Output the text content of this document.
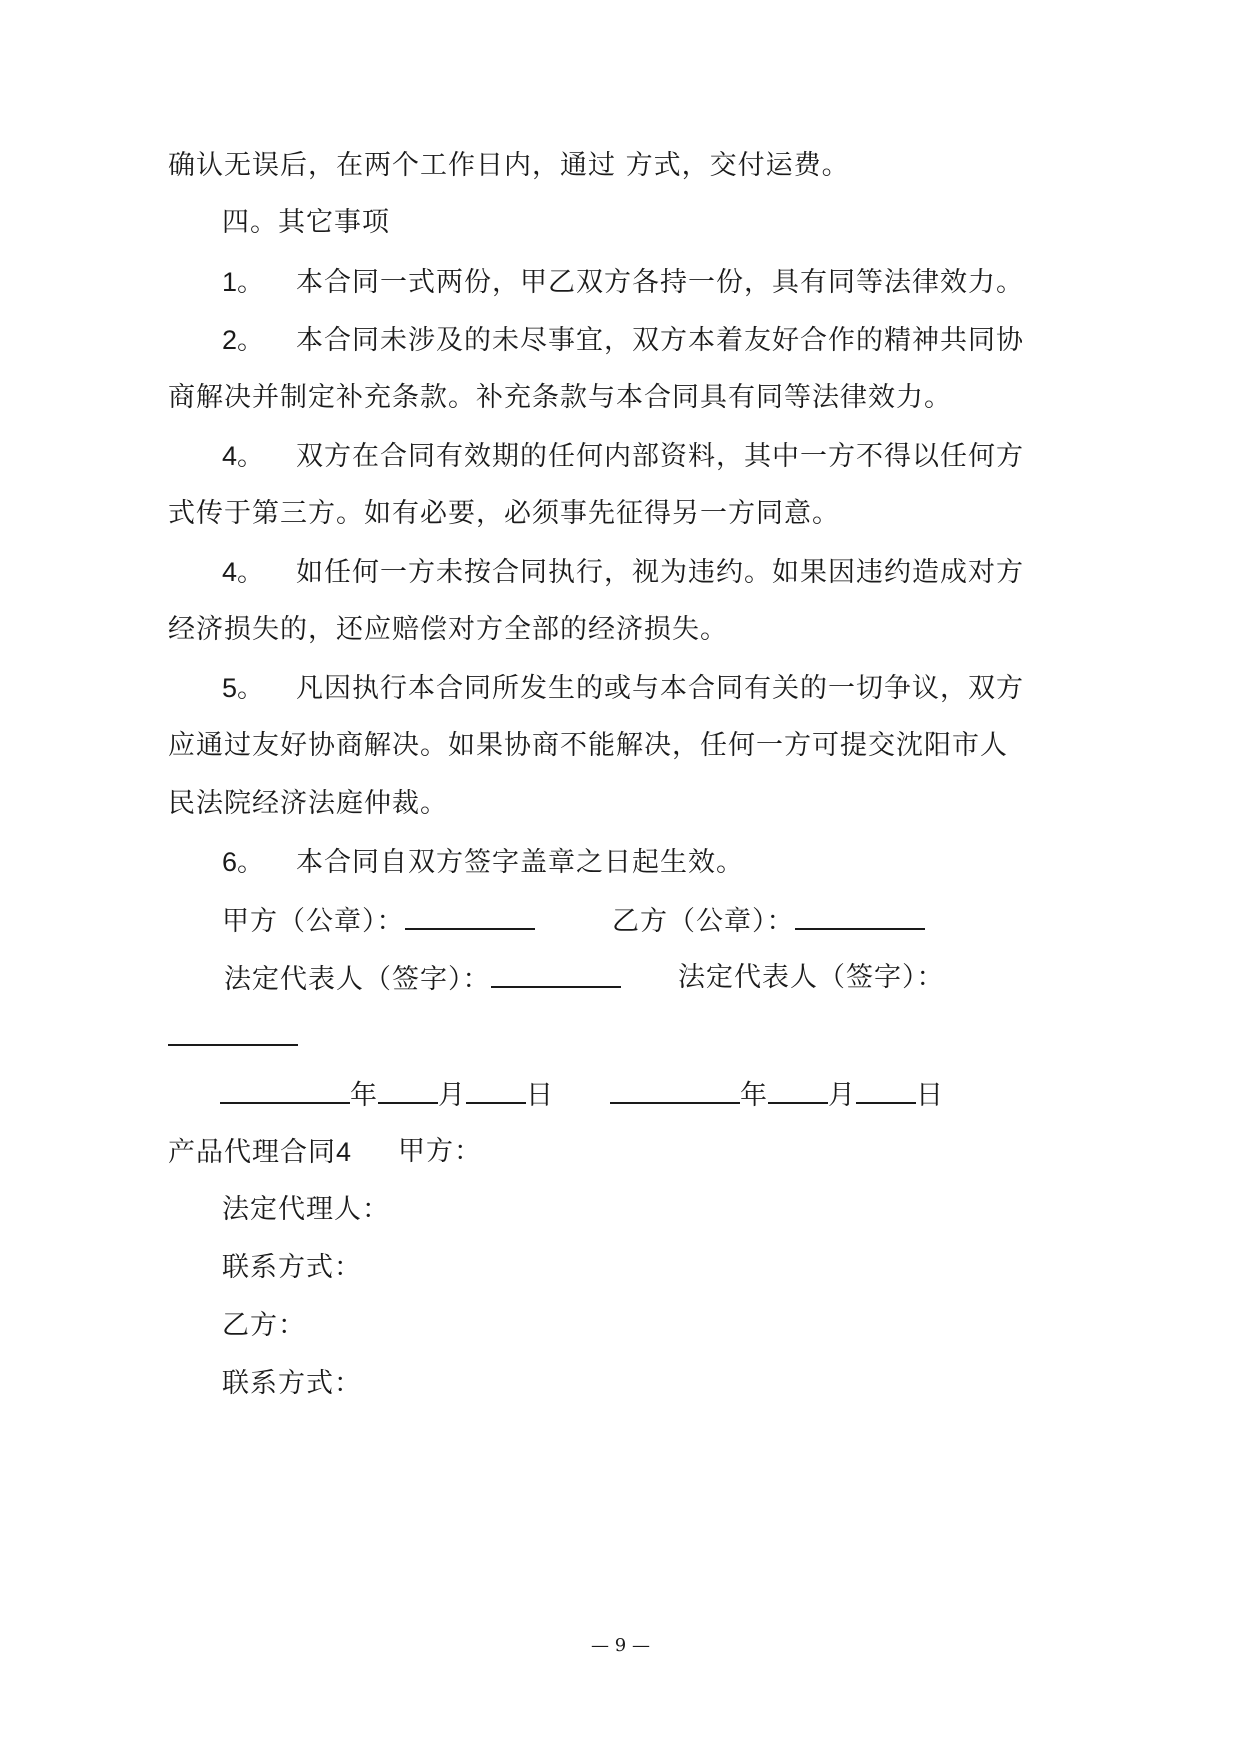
确认无误后，在两个工作日内，通过 方式，交付运费。
四。其它事项
1。 本合同一式两份，甲乙双方各持一份，具有同等法律效力。
2。 本合同未涉及的未尽事宜，双方本着友好合作的精神共同协
商解决并制定补充条款。补充条款与本合同具有同等法律效力。
4。 双方在合同有效期的任何内部资料，其中一方不得以任何方
式传于第三方。如有必要，必须事先征得另一方同意。
4。 如任何一方未按合同执行，视为违约。如果因违约造成对方
经济损失的，还应赔偿对方全部的经济损失。
5。 凡因执行本合同所发生的或与本合同有关的一切争议，双方
应通过友好协商解决。如果协商不能解决，任何一方可提交沈阳市人
民法院经济法庭仲裁。
6。 本合同自双方签字盖章之日起生效。
甲方（公章）：	乙方（公章）：
法定代表人（签字）：	法定代表人（签字）：
年 月 日	年 月 日
产品代理合同4 甲方：
法定代理人：
联系方式：
乙方：
联系方式：
— 9 —
